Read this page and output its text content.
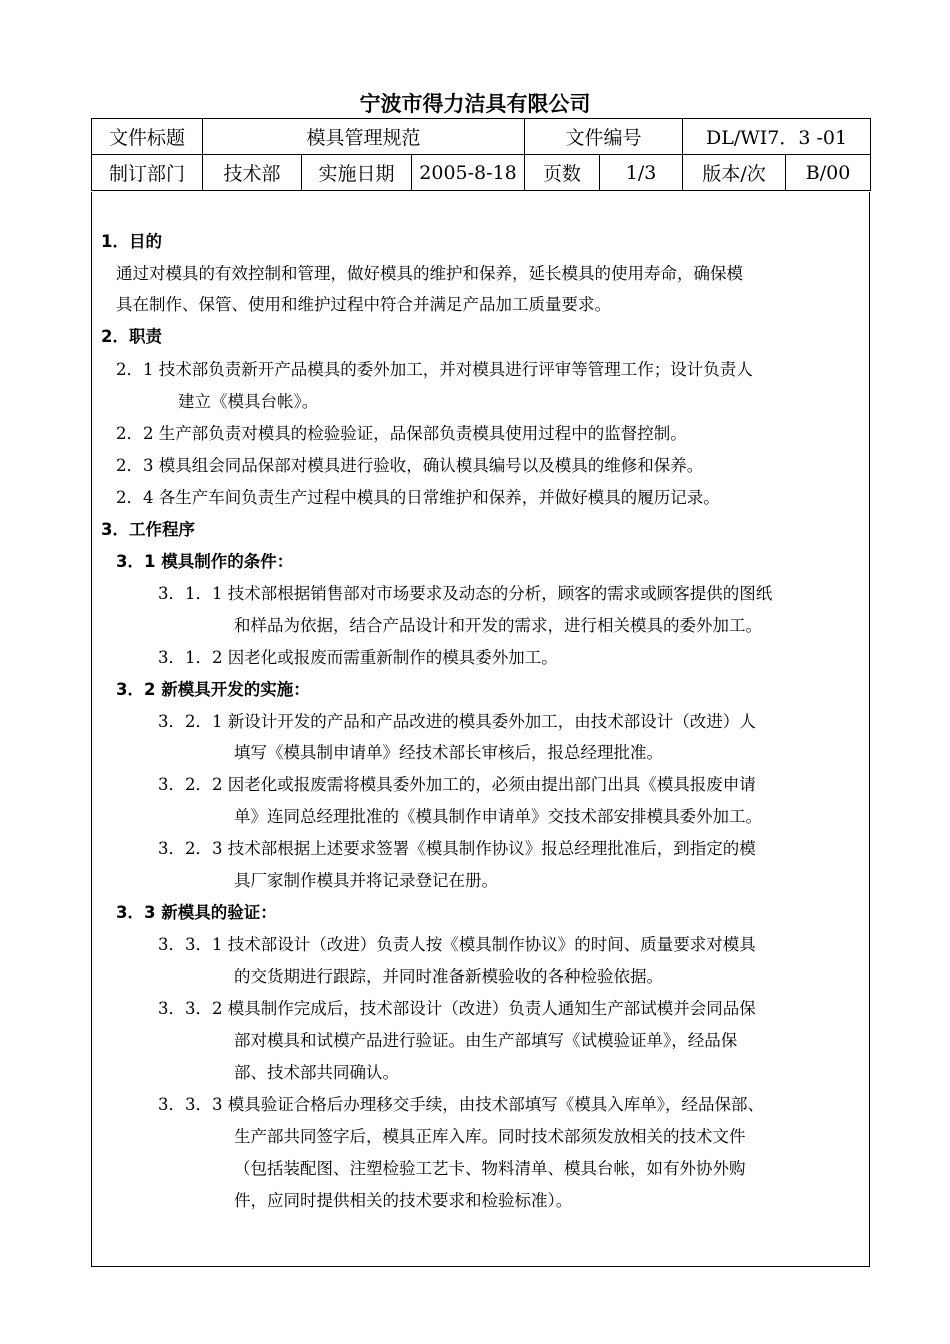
宁波市得力洁具有限公司
文件标题	模具管理规范			文件编号		DL/WI7．3 -01	
制订部门	技术部	实施日期	2005-8-18	页数	1/3	版本/次	B/00
1．目的
通过对模具的有效控制和管理，做好模具的维护和保养，延长模具的使用寿命，确保模
具在制作、保管、使用和维护过程中符合并满足产品加工质量要求。
2．职责
2．1 技术部负责新开产品模具的委外加工，并对模具进行评审等管理工作；设计负责人
建立《模具台帐》。
2．2 生产部负责对模具的检验验证，品保部负责模具使用过程中的监督控制。
2．3 模具组会同品保部对模具进行验收，确认模具编号以及模具的维修和保养。
2．4 各生产车间负责生产过程中模具的日常维护和保养，并做好模具的履历记录。
3．工作程序
3．1 模具制作的条件：
3．1．1 技术部根据销售部对市场要求及动态的分析，顾客的需求或顾客提供的图纸
和样品为依据，结合产品设计和开发的需求，进行相关模具的委外加工。
3．1．2 因老化或报废而需重新制作的模具委外加工。
3．2 新模具开发的实施：
3．2．1 新设计开发的产品和产品改进的模具委外加工，由技术部设计（改进）人
填写《模具制申请单》经技术部长审核后，报总经理批准。
3．2．2 因老化或报废需将模具委外加工的，必须由提出部门出具《模具报废申请
单》连同总经理批准的《模具制作申请单》交技术部安排模具委外加工。
3．2．3 技术部根据上述要求签署《模具制作协议》报总经理批准后，到指定的模
具厂家制作模具并将记录登记在册。
3．3 新模具的验证：
3．3．1 技术部设计（改进）负责人按《模具制作协议》的时间、质量要求对模具
的交货期进行跟踪，并同时准备新模验收的各种检验依据。
3．3．2 模具制作完成后，技术部设计（改进）负责人通知生产部试模并会同品保
部对模具和试模产品进行验证。由生产部填写《试模验证单》，经品保
部、技术部共同确认。
3．3．3 模具验证合格后办理移交手续，由技术部填写《模具入库单》，经品保部、
生产部共同签字后，模具正库入库。同时技术部须发放相关的技术文件
（包括装配图、注塑检验工艺卡、物料清单、模具台帐，如有外协外购
件，应同时提供相关的技术要求和检验标准）。
